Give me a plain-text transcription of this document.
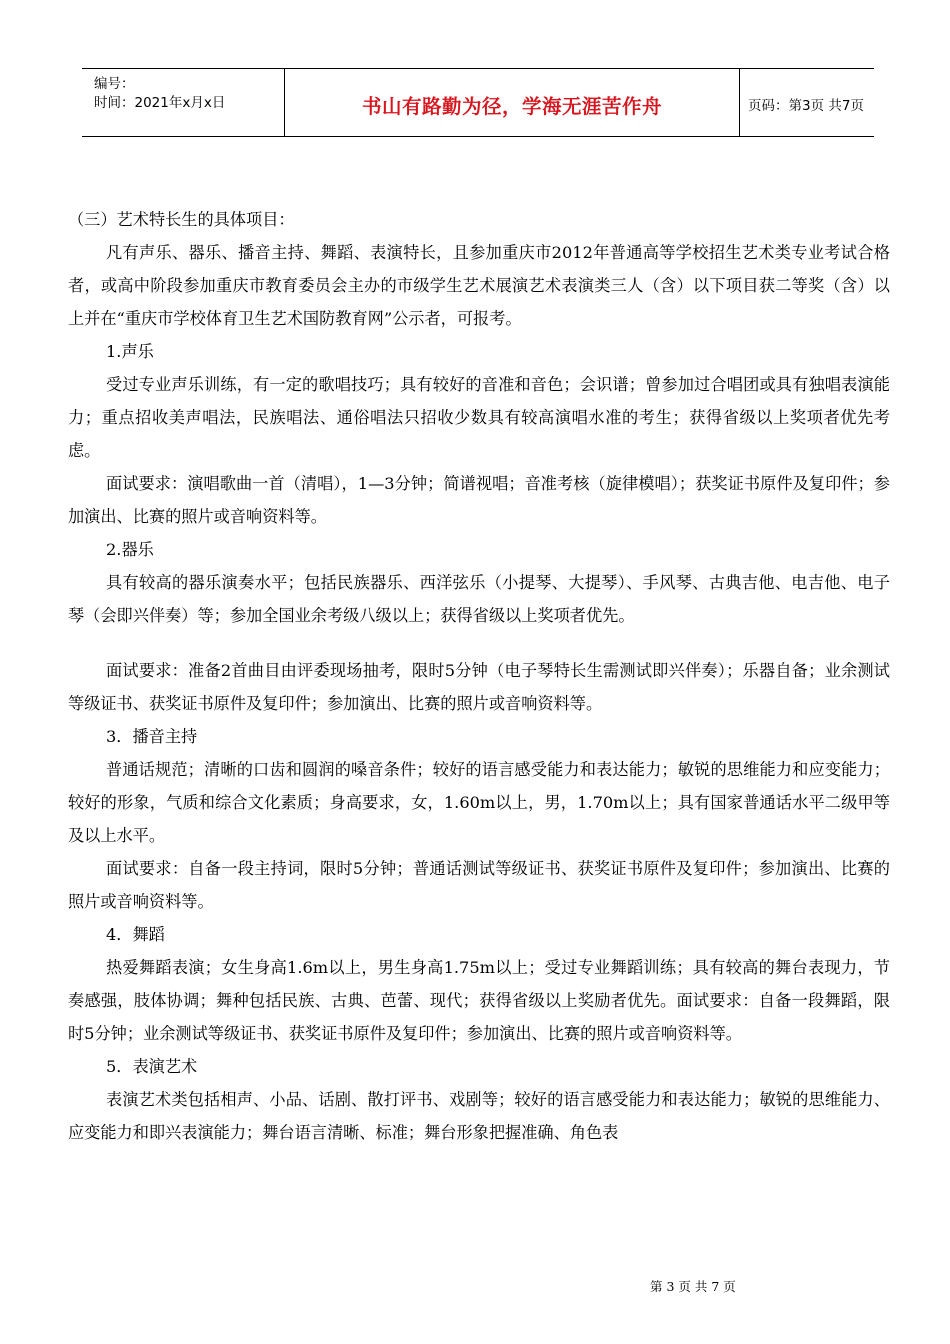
编号：
时间：2021年x月x日	书山有路勤为径，学海无涯苦作舟	页码：第3页 共7页

（三）艺术特长生的具体项目：

凡有声乐、器乐、播音主持、舞蹈、表演特长，且参加重庆市2012年普通高等学校招生艺术类专业考试合格者，或高中阶段参加重庆市教育委员会主办的市级学生艺术展演艺术表演类三人（含）以下项目获二等奖（含）以上并在“重庆市学校体育卫生艺术国防教育网”公示者，可报考。

1.声乐

受过专业声乐训练，有一定的歌唱技巧；具有较好的音准和音色；会识谱；曾参加过合唱团或具有独唱表演能力；重点招收美声唱法，民族唱法、通俗唱法只招收少数具有较高演唱水准的考生；获得省级以上奖项者优先考虑。

面试要求：演唱歌曲一首（清唱），1—3分钟；简谱视唱；音准考核（旋律模唱）；获奖证书原件及复印件；参加演出、比赛的照片或音响资料等。

2.器乐

具有较高的器乐演奏水平；包括民族器乐、西洋弦乐（小提琴、大提琴）、手风琴、古典吉他、电吉他、电子琴（会即兴伴奏）等；参加全国业余考级八级以上；获得省级以上奖项者优先。

面试要求：准备2首曲目由评委现场抽考，限时5分钟（电子琴特长生需测试即兴伴奏）；乐器自备；业余测试等级证书、获奖证书原件及复印件；参加演出、比赛的照片或音响资料等。

3．播音主持

普通话规范；清晰的口齿和圆润的嗓音条件；较好的语言感受能力和表达能力；敏锐的思维能力和应变能力；较好的形象，气质和综合文化素质；身高要求，女，1.60m以上，男，1.70m以上；具有国家普通话水平二级甲等及以上水平。

面试要求：自备一段主持词，限时5分钟；普通话测试等级证书、获奖证书原件及复印件；参加演出、比赛的照片或音响资料等。

4．舞蹈

热爱舞蹈表演；女生身高1.6m以上，男生身高1.75m以上；受过专业舞蹈训练；具有较高的舞台表现力，节奏感强，肢体协调；舞种包括民族、古典、芭蕾、现代；获得省级以上奖励者优先。面试要求：自备一段舞蹈，限时5分钟；业余测试等级证书、获奖证书原件及复印件；参加演出、比赛的照片或音响资料等。

5．表演艺术

表演艺术类包括相声、小品、话剧、散打评书、戏剧等；较好的语言感受能力和表达能力；敏锐的思维能力、应变能力和即兴表演能力；舞台语言清晰、标准；舞台形象把握准确、角色表

第 3 页 共 7 页
